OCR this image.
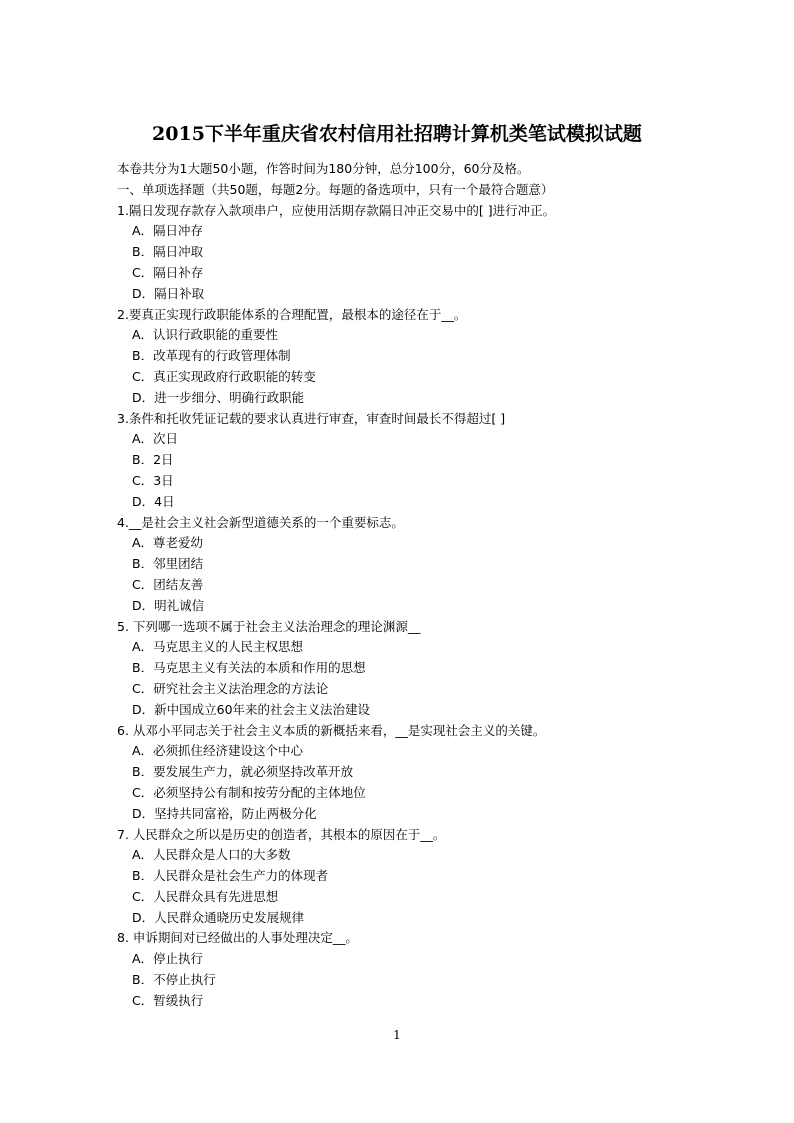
2015下半年重庆省农村信用社招聘计算机类笔试模拟试题
本卷共分为1大题50小题，作答时间为180分钟，总分100分，60分及格。
一、单项选择题（共50题，每题2分。每题的备选项中，只有一个最符合题意）
1.隔日发现存款存入款项串户，应使用活期存款隔日冲正交易中的[ ]进行冲正。
A．隔日冲存
B．隔日冲取
C．隔日补存
D．隔日补取
2.要真正实现行政职能体系的合理配置，最根本的途径在于__。
A．认识行政职能的重要性
B．改革现有的行政管理体制
C．真正实现政府行政职能的转变
D．进一步细分、明确行政职能
3.条件和托收凭证记载的要求认真进行审查，审查时间最长不得超过[ ]
A．次日
B．2日
C．3日
D．4日
4.__是社会主义社会新型道德关系的一个重要标志。
A．尊老爱幼
B．邻里团结
C．团结友善
D．明礼诚信
5. 下列哪一选项不属于社会主义法治理念的理论渊源__
A．马克思主义的人民主权思想
B．马克思主义有关法的本质和作用的思想
C．研究社会主义法治理念的方法论
D．新中国成立60年来的社会主义法治建设
6. 从邓小平同志关于社会主义本质的新概括来看，__是实现社会主义的关键。
A．必须抓住经济建设这个中心
B．要发展生产力，就必须坚持改革开放
C．必须坚持公有制和按劳分配的主体地位
D．坚持共同富裕，防止两极分化
7. 人民群众之所以是历史的创造者，其根本的原因在于__。
A．人民群众是人口的大多数
B．人民群众是社会生产力的体现者
C．人民群众具有先进思想
D．人民群众通晓历史发展规律
8. 申诉期间对已经做出的人事处理决定__。
A．停止执行
B．不停止执行
C．暂缓执行
1
